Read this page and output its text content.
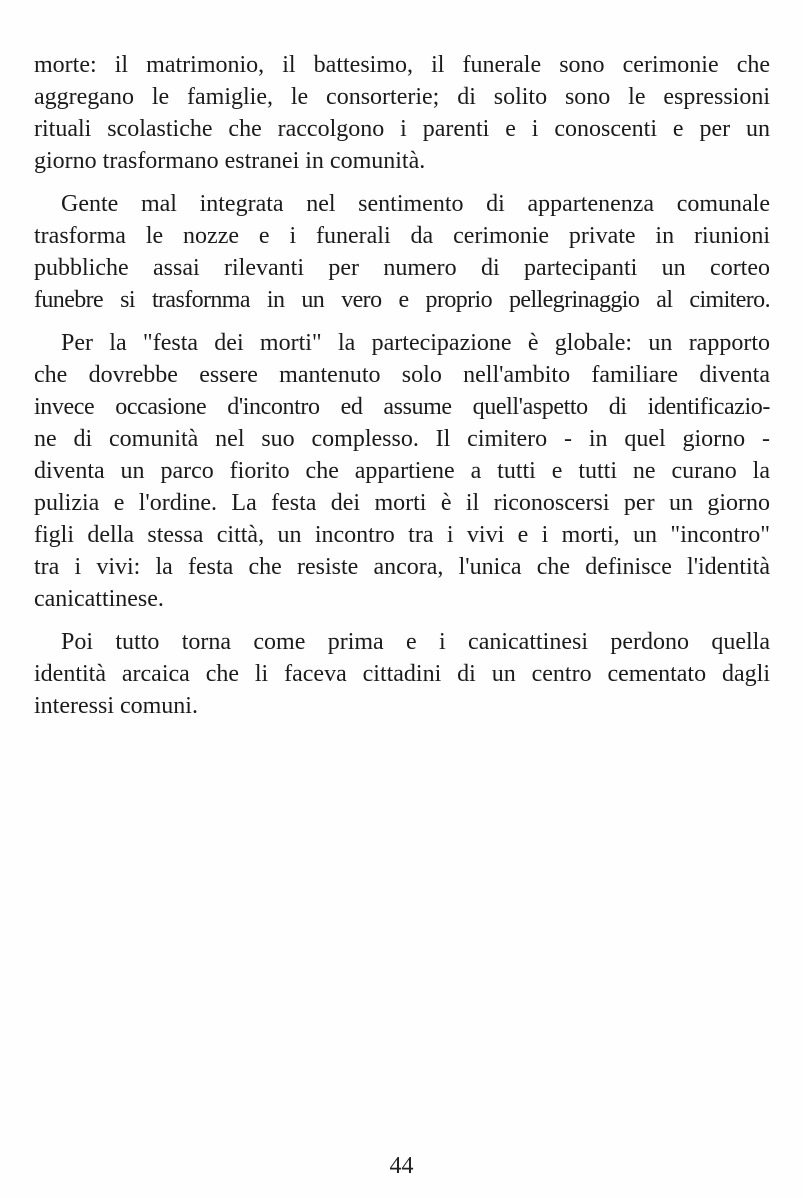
morte: il matrimonio, il battesimo, il funerale sono cerimonie che
aggregano le famiglie, le consorterie; di solito sono le espressioni
rituali scolastiche che raccolgono i parenti e i conoscenti e per un
giorno trasformano estranei in comunità.
Gente mal integrata nel sentimento di appartenenza comunale
trasforma le nozze e i funerali da cerimonie private in riunioni
pubbliche assai rilevanti per numero di partecipanti un corteo
funebre si trasfornma in un vero e proprio pellegrinaggio al cimitero.
Per la "festa dei morti" la partecipazione è globale: un rapporto
che dovrebbe essere mantenuto solo nell'ambito familiare diventa
invece occasione d'incontro ed assume quell'aspetto di identificazio-
ne di comunità nel suo complesso. Il cimitero - in quel giorno -
diventa un parco fiorito che appartiene a tutti e tutti ne curano la
pulizia e l'ordine. La festa dei morti è il riconoscersi per un giorno
figli della stessa città, un incontro tra i vivi e i morti, un "incontro"
tra i vivi: la festa che resiste ancora, l'unica che definisce l'identità
canicattinese.
Poi tutto torna come prima e i canicattinesi perdono quella
identità arcaica che li faceva cittadini di un centro cementato dagli
interessi comuni.
44
